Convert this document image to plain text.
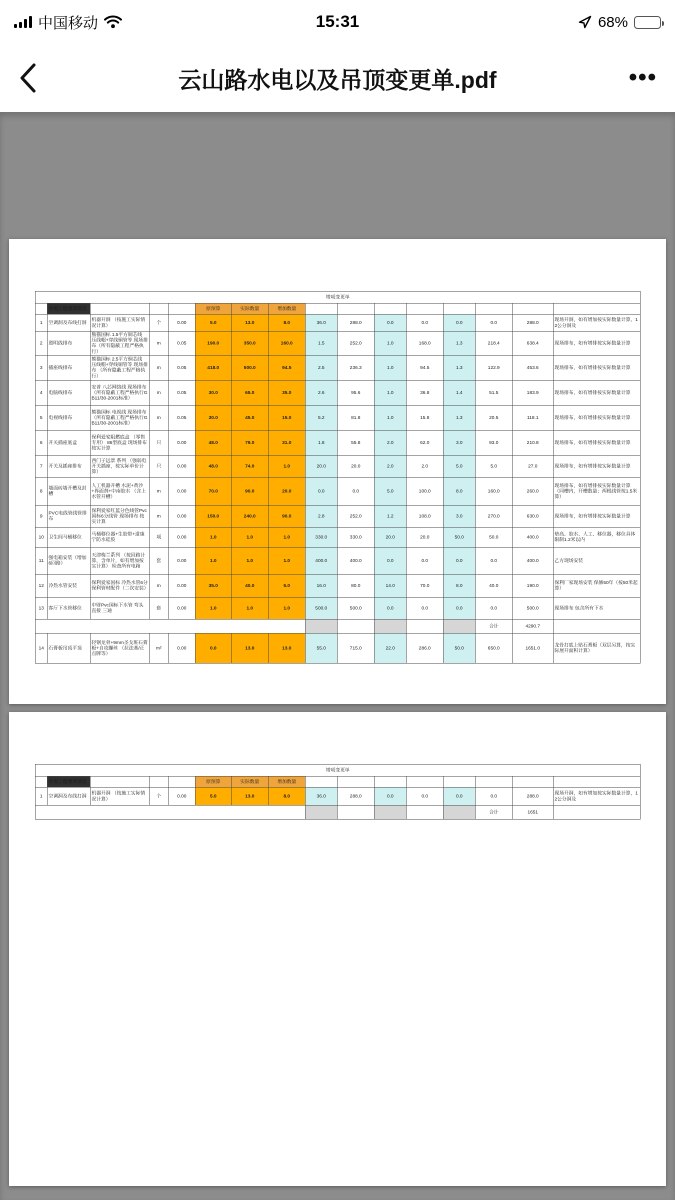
中国移动	15:31	68%
云山路水电以及吊顶变更单.pdf	•••
增项变更单															
	水电工程增项项目				原预算	实际数量	增加数量								
1	空调洞及布线打洞	机器开洞 （按施工实际情况计算）	个	0.00	5.0	13.0	8.0	36.0	288.0	0.0	0.0	0.0	0.0	288.0	现场开洞，如有增加按实际数量计算，12公分洞及
2	照明线排布	熊猫国标 1.5平方铜芯线 压线帽+穿线铜管等 现场排布（所有隐蔽工程严格执行）	m	0.05	190.0	350.0	160.0	1.5	252.0	1.0	168.0	1.3	218.4	638.4	现场排布，如有增排按实际数量计算
3	插座线排布	熊猫国标 2.5平方铜芯线 压线帽+穿线铜管等 现场排布 （所有隐蔽工程严格执行）	m	0.05	418.0	500.0	94.5	2.5	236.3	1.0	94.5	1.3	122.9	453.6	现场排布，如有增排按实际数量计算
4	电脑线排布	安普 八芯网络线 现场排布 （所有隐蔽工程严格执行GB11/30-2001标准）	m	0.05	30.0	65.0	35.0	2.6	95.6	1.0	36.8	1.4	51.5	183.9	现场排布，如有增排按实际数量计算
5	电视线排布	熊猫国标 电视线 现场排布 （所有隐蔽工程严格执行GB11/30-2001标准）	m	0.05	30.0	45.0	15.0	5.2	81.8	1.0	15.8	1.3	20.5	118.1	现场排布，如有增排按实际数量计算
6	开关插座底盒	保利爱家阻燃底盒 （零售专用） 86型底盒 现场排布 按实计算	只	0.00	48.0	79.0	31.0	1.8	55.8	2.0	62.0	3.0	93.0	210.8	现场排布，如有增排按实际数量计算
7	开关及插座排布	西门子远景 系列 （强弱电开关插座，按实际单价计算）	只	0.00	48.0	74.0	1.0	20.0	20.0	2.0	2.0	5.0	5.0	27.0	现场排布，如有增排按实际数量计算
8	墙面砖墙开槽及封槽	人工机器开槽 水泥+黄沙+界面剂+中南胶水 （含上水管开槽）	m	0.00	70.0	90.0	20.0	0.0	0.0	5.0	100.0	8.0	160.0	260.0	现场排布，如有增排按实际数量计算（同槽内，开槽数量；两根线管按1.5米算）
9	PVC电线管线管排布	保利爱家红蓝分色线管Pvc国标6分线管 现场排布 按实计算	m	0.00	150.0	240.0	90.0	2.8	252.0	1.2	108.0	3.0	270.0	630.0	现场排布，如有增排按实际数量计算
10	卫生间马桶移位	马桶移位器+生胶带+道康宁防水硅胶	项	0.00	1.0	1.0	1.0	330.0	330.0	20.0	20.0	50.0	50.0	400.0	垫高、胶水、人工、移位器，移位具体限制1.2米以内
11	强电箱安装（增加6回路）	天津梅兰系列 （按回路计算，含单片，如有增加按实计算） 检查所有电箱	套	0.00	1.0	1.0	1.0	400.0	400.0	0.0	0.0	0.0	0.0	400.0	乙方现场安装
12	冷热水管安装	保利爱家国标 冷热水管6分 保利管材配件（二次安装）	m	0.00	35.0	40.0	5.0	16.0	80.0	14.0	70.0	8.0	40.0	190.0	保利厂家现场安装 保修50年（按50米起算）
13	客厅下水管移位	中财Pvc国标下水管 弯头 直接 三通	套	0.00	1.0	1.0	1.0	500.0	500.0	0.0	0.0	0.0	0.0	500.0	现场排布 包含所有下水
													合计	4290.7	
14	石膏板吊顶平顶	轻钢龙骨+9mm圣戈班石膏板+自攻螺丝 （拉法基/正点牌等）	m²	0.00	0.0	13.0	13.0	55.0	715.0	22.0	286.0	50.0	650.0	1651.0	龙骨打底上贴石膏板（双层另算，按实际展开面积计算）
增项变更单															
	水电工程增项项目				原预算	实际数量	增加数量								
1	空调洞及布线打洞	机器开洞 （按施工实际情况计算）	个	0.00	5.0	13.0	8.0	36.0	288.0	0.0	0.0	0.0	0.0	288.0	现场开洞，如有增加按实际数量计算，12公分洞及
													合计	1651	
